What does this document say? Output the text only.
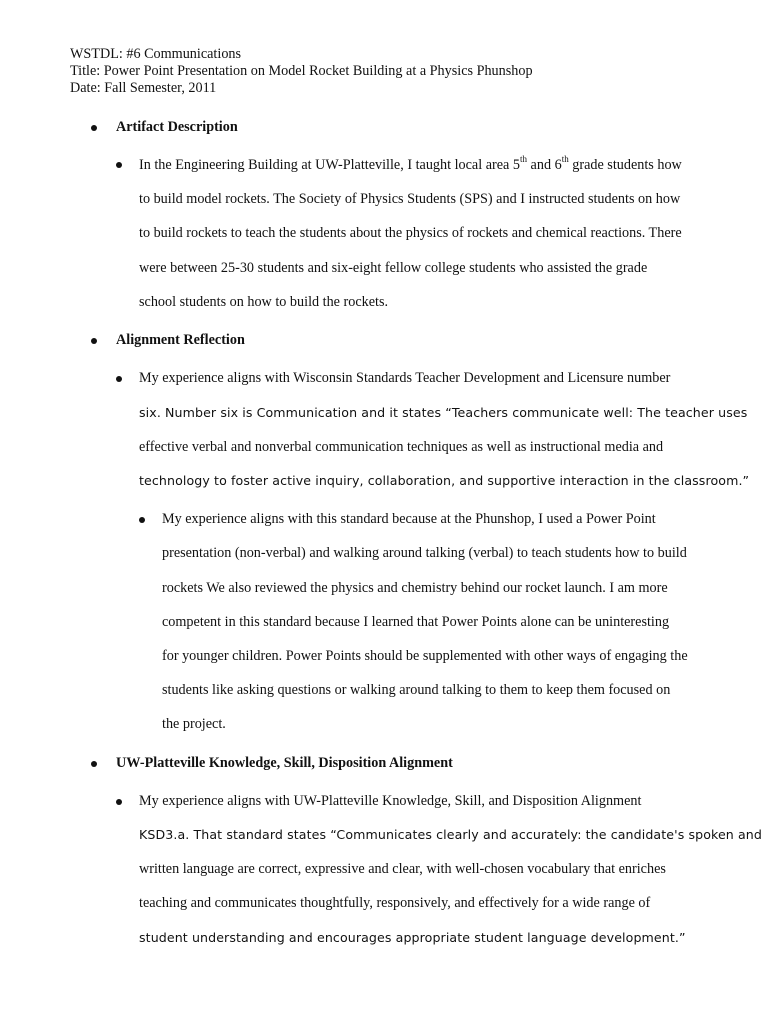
WSTDL: #6 Communications
Title: Power Point Presentation on Model Rocket Building at a Physics Phunshop
Date: Fall Semester, 2011
Artifact Description
In the Engineering Building at UW-Platteville, I taught local area 5th and 6th grade students how
to build model rockets. The Society of Physics Students (SPS) and I instructed students on how
to build rockets to teach the students about the physics of rockets and chemical reactions. There
were between 25-30 students and six-eight fellow college students who assisted the grade
school students on how to build the rockets.
Alignment Reflection
My experience aligns with Wisconsin Standards Teacher Development and Licensure number
six. Number six is Communication and it states “Teachers communicate well: The teacher uses
effective verbal and nonverbal communication techniques as well as instructional media and
technology to foster active inquiry, collaboration, and supportive interaction in the classroom.”
My experience aligns with this standard because at the Phunshop, I used a Power Point
presentation (non-verbal) and walking around talking (verbal) to teach students how to build
rockets We also reviewed the physics and chemistry behind our rocket launch. I am more
competent in this standard because I learned that Power Points alone can be uninteresting
for younger children. Power Points should be supplemented with other ways of engaging the
students like asking questions or walking around talking to them to keep them focused on
the project.
UW-Platteville Knowledge, Skill, Disposition Alignment
My experience aligns with UW-Platteville Knowledge, Skill, and Disposition Alignment
KSD3.a. That standard states “Communicates clearly and accurately: the candidate's spoken and
written language are correct, expressive and clear, with well-chosen vocabulary that enriches
teaching and communicates thoughtfully, responsively, and effectively for a wide range of
student understanding and encourages appropriate student language development.”
